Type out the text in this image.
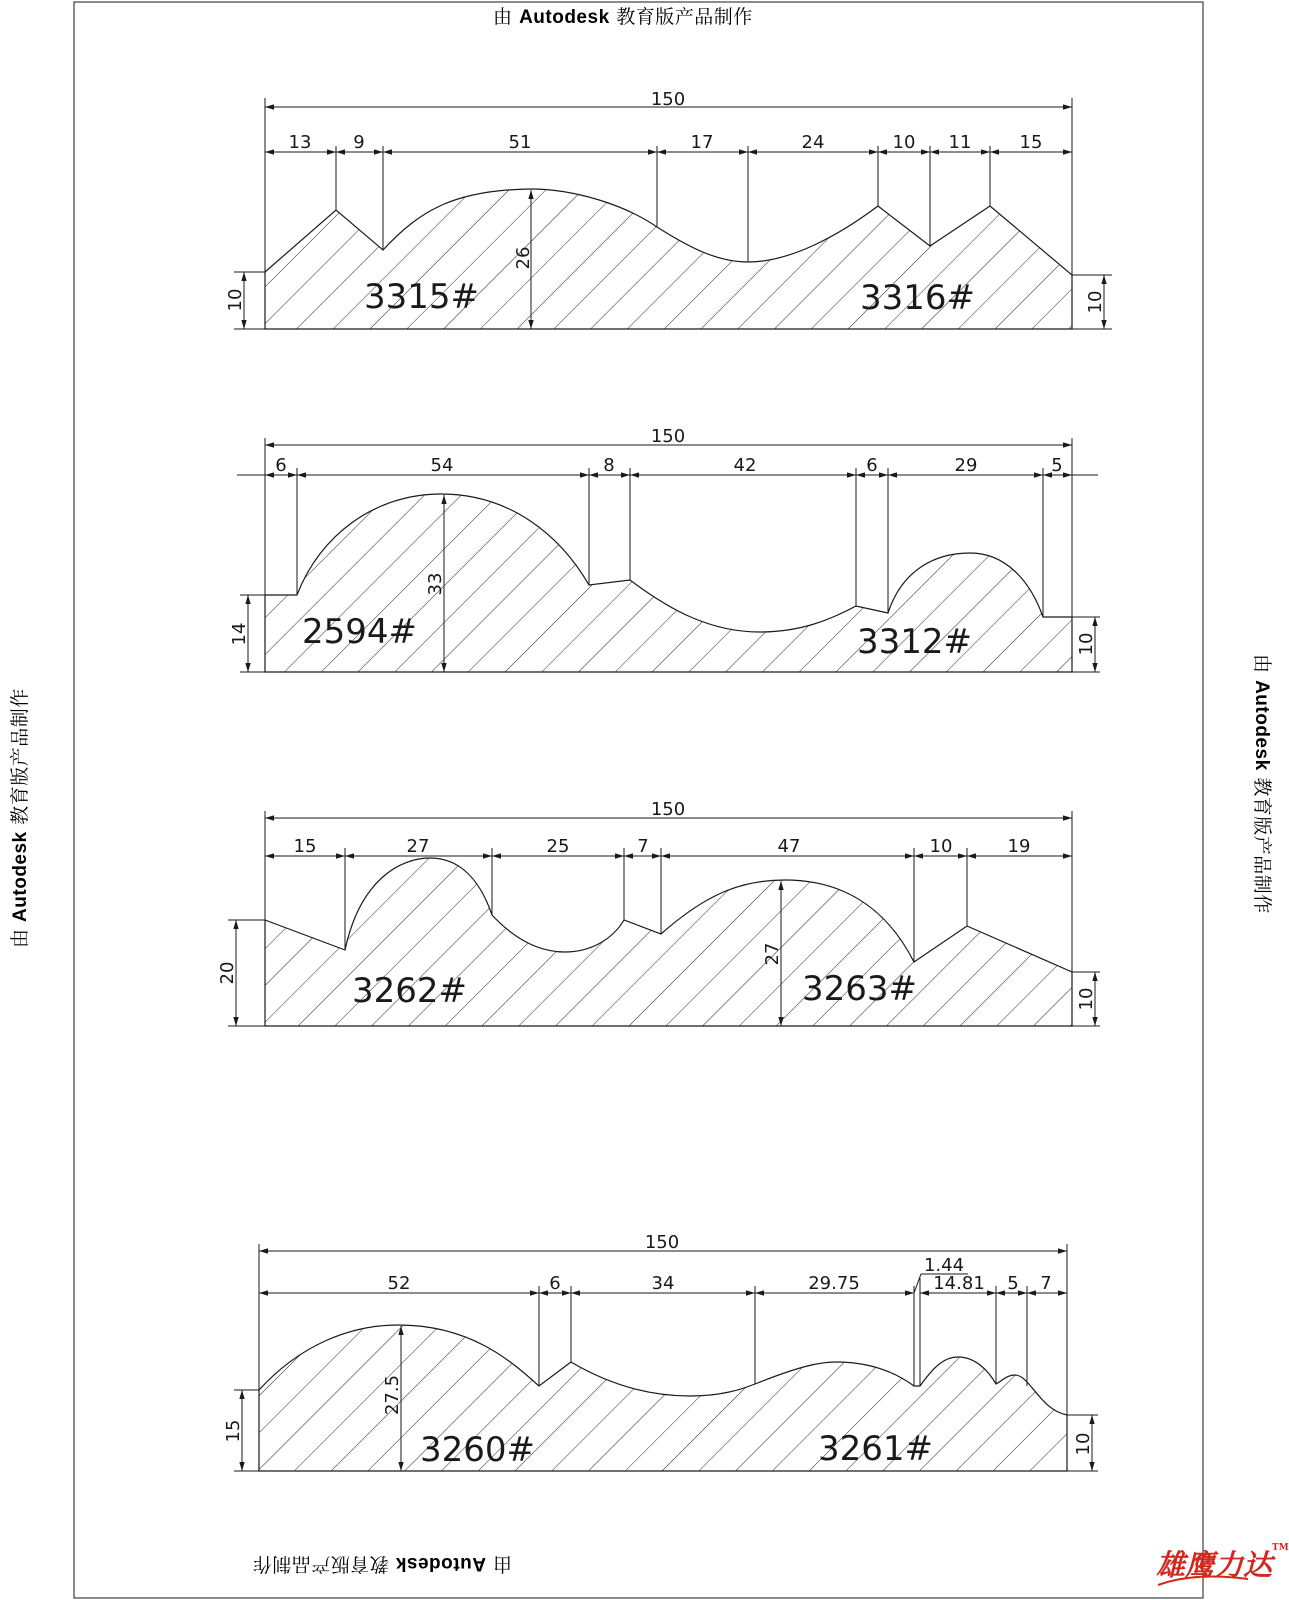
由 Autodesk 教育版产品制作
由 Autodesk 教育版产品制作
由 Autodesk 教育版产品制作
由 Autodesk 教育版产品制作
150
13 9	51	17	24	10 11	15
10
26
10
3315#	3316#
150
6	54	8	42	6	29	5
14
33
10
2594#	3312#
150
15	27	25	7	47	10	19
20
27
10
3262#	3263#
150
52	6	34	29.75
1.44
14.81 5 7
15
27.5
10
3260#	3261#
雄鹰力达™
